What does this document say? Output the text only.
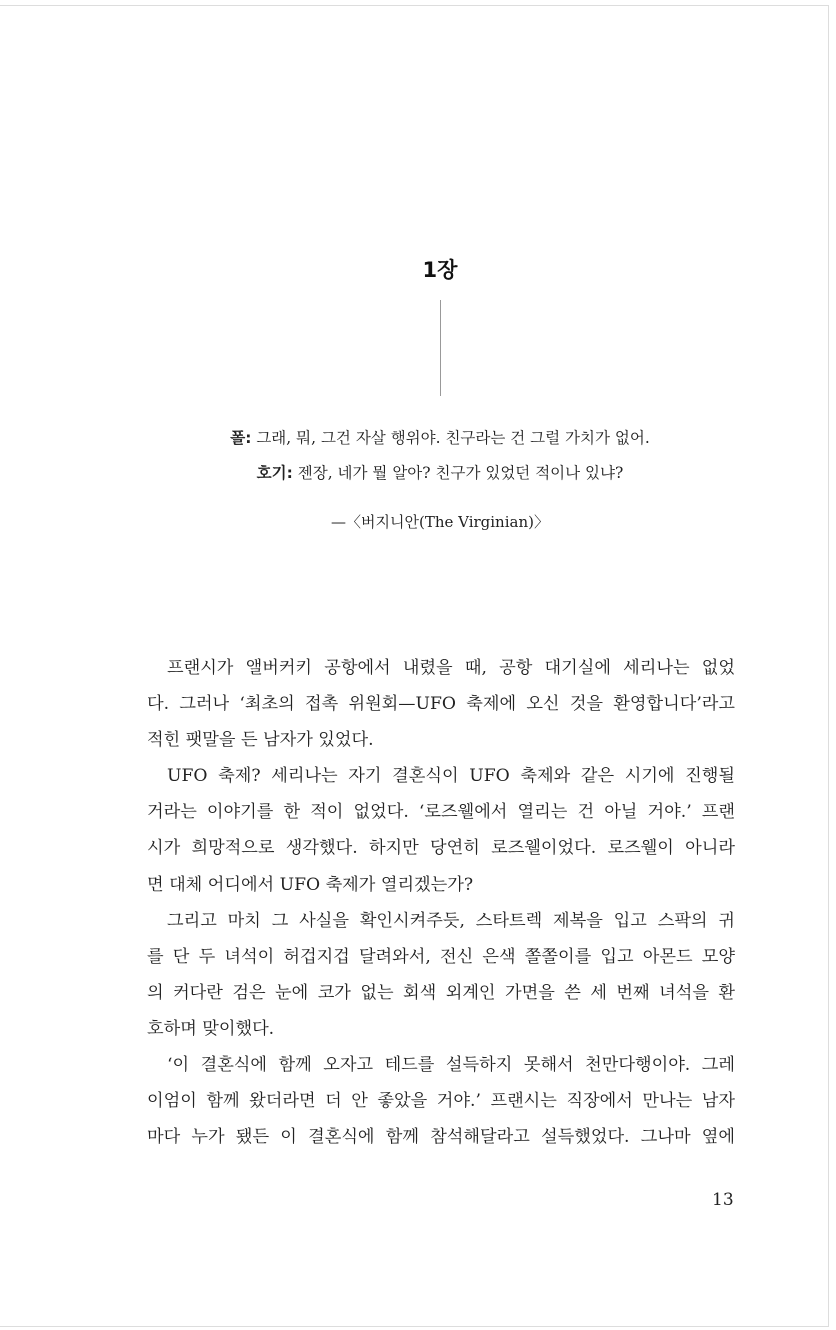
1장
폴: 그래, 뭐, 그건 자살 행위야. 친구라는 건 그럴 가치가 없어.
호기: 젠장, 네가 뭘 알아? 친구가 있었던 적이나 있냐?
—〈버지니안(The Virginian)〉
프랜시가 앨버커키 공항에서 내렸을 때, 공항 대기실에 세리나는 없었
다. 그러나 ‘최초의 접촉 위원회—UFO 축제에 오신 것을 환영합니다’라고
적힌 팻말을 든 남자가 있었다.
UFO 축제? 세리나는 자기 결혼식이 UFO 축제와 같은 시기에 진행될
거라는 이야기를 한 적이 없었다. ‘로즈웰에서 열리는 건 아닐 거야.’ 프랜
시가 희망적으로 생각했다. 하지만 당연히 로즈웰이었다. 로즈웰이 아니라
면 대체 어디에서 UFO 축제가 열리겠는가?
그리고 마치 그 사실을 확인시켜주듯, 스타트렉 제복을 입고 스팍의 귀
를 단 두 녀석이 허겁지겁 달려와서, 전신 은색 쫄쫄이를 입고 아몬드 모양
의 커다란 검은 눈에 코가 없는 회색 외계인 가면을 쓴 세 번째 녀석을 환
호하며 맞이했다.
‘이 결혼식에 함께 오자고 테드를 설득하지 못해서 천만다행이야. 그레
이엄이 함께 왔더라면 더 안 좋았을 거야.’ 프랜시는 직장에서 만나는 남자
마다 누가 됐든 이 결혼식에 함께 참석해달라고 설득했었다. 그나마 옆에
13
